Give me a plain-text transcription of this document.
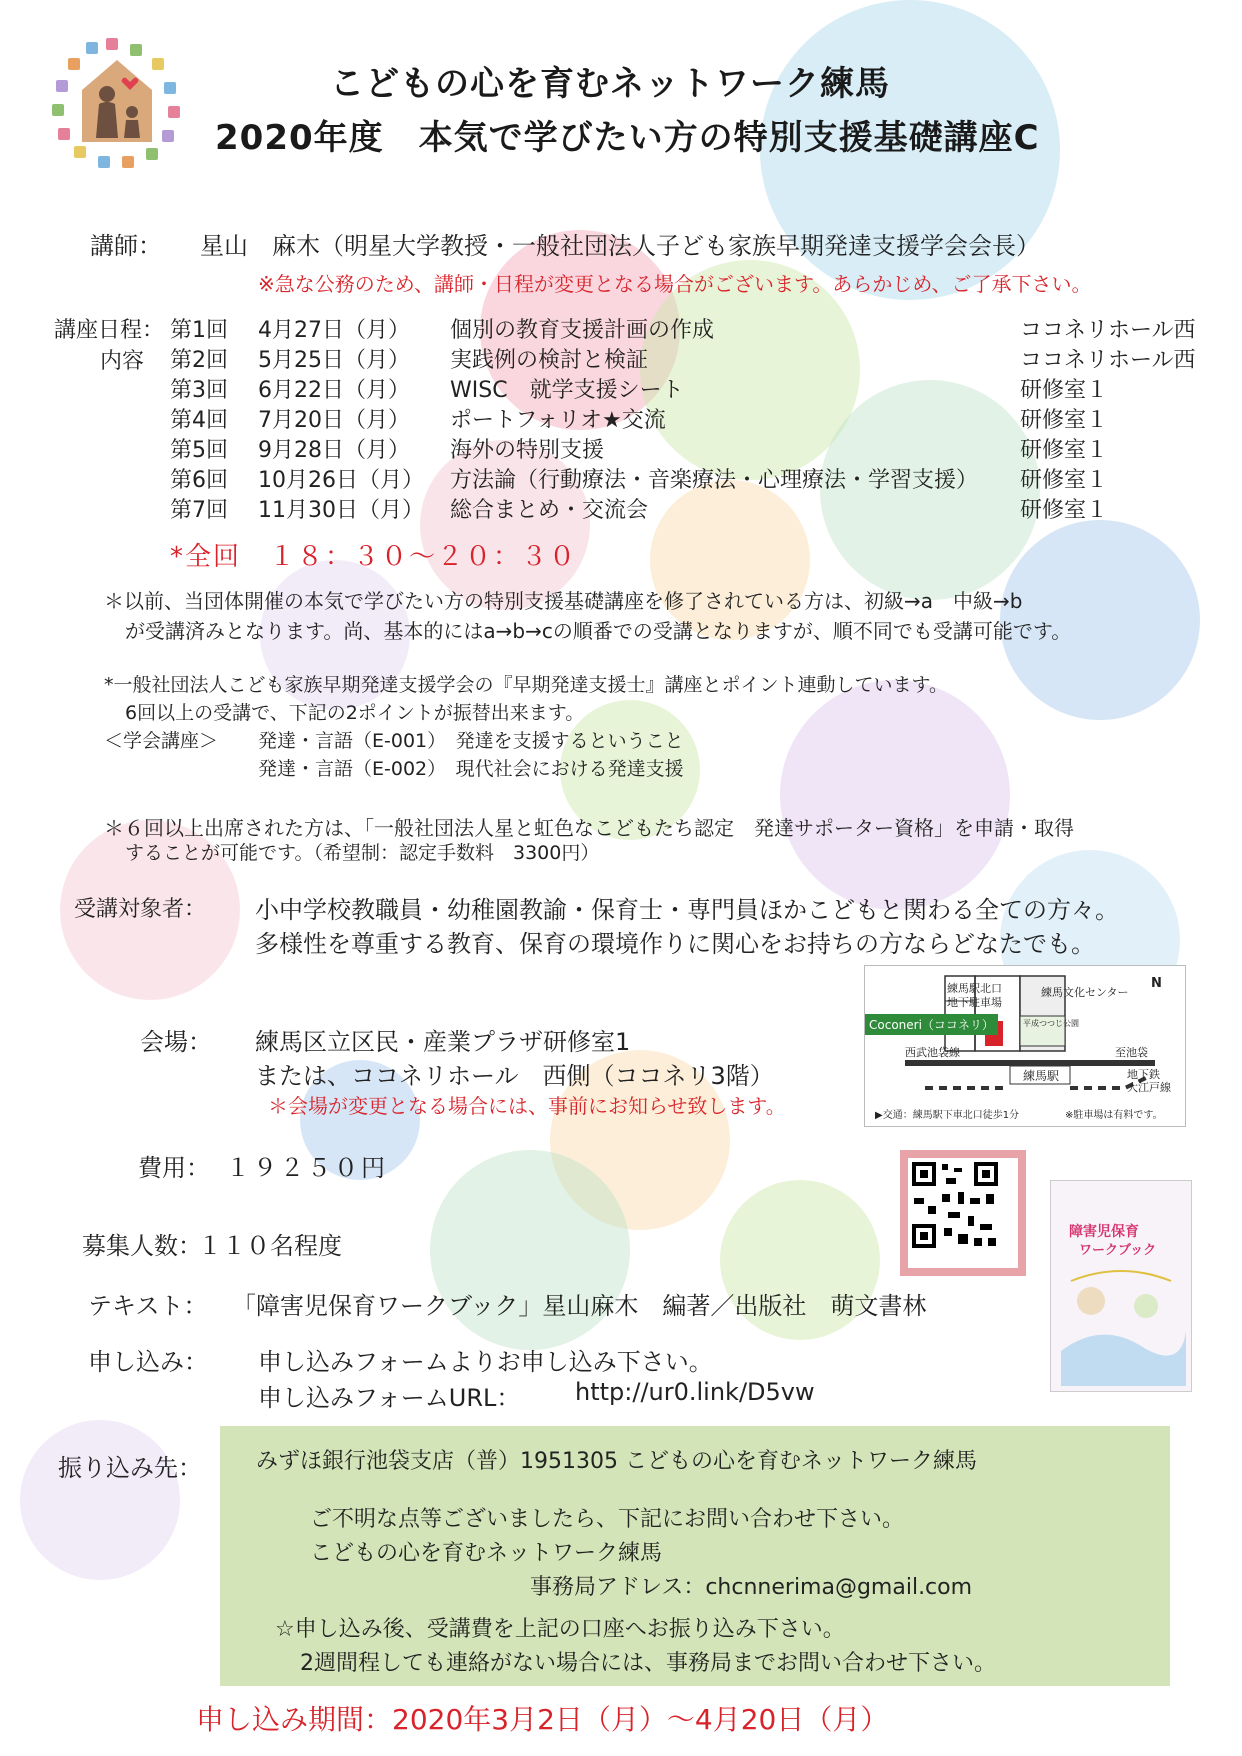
こどもの心を育むネットワーク練馬
2020年度　本気で学びたい方の特別支援基礎講座C
講師： 星山　麻木（明星大学教授・一般社団法人子ども家族早期発達支援学会会長）
※急な公務のため、講師・日程が変更となる場合がございます。あらかじめ、ご了承下さい。
講座日程：
内容
第1回 4月27日（月） 個別の教育支援計画の作成	ココネリホール西
第2回 5月25日（月） 実践例の検討と検証	ココネリホール西
第3回 6月22日（月） WISC　就学支援シート	研修室１
第4回 7月20日（月） ポートフォリオ★交流	研修室１
第5回 9月28日（月） 海外の特別支援	研修室１
第6回 10月26日（月） 方法論（行動療法・音楽療法・心理療法・学習支援） 研修室１
第7回 11月30日（月） 総合まとめ・交流会	研修室１
*全回　１８：３０～２０：３０
＊以前、当団体開催の本気で学びたい方の特別支援基礎講座を修了されている方は、初級→a　中級→b
が受講済みとなります。尚、基本的にはa→b→cの順番での受講となりますが、順不同でも受講可能です。
*一般社団法人こども家族早期発達支援学会の『早期発達支援士』講座とポイント連動しています。
6回以上の受講で、下記の2ポイントが振替出来ます。
＜学会講座＞ 発達・言語（E-001）　発達を支援するということ
発達・言語（E-002）　現代社会における発達支援
＊６回以上出席された方は、「一般社団法人星と虹色なこどもたち認定　発達サポーター資格」を申請・取得
することが可能です。（希望制：認定手数料　3300円）
受講対象者： 小中学校教職員・幼稚園教諭・保育士・専門員ほかこどもと関わる全ての方々。
多様性を尊重する教育、保育の環境作りに関心をお持ちの方ならどなたでも。
会場： 練馬区立区民・産業プラザ研修室1
または、ココネリホール　西側（ココネリ3階）
＊会場が変更となる場合には、事前にお知らせ致します。
練馬駅北口
地下駐車場
練馬文化センター
平成つつじ公園
Coconeri（ココネリ）
西武池袋線	至池袋
練馬駅	地下鉄
大江戸線
▶交通：練馬駅下車北口徒歩1分	※駐車場は有料です。
N
費用： １９２５０円
募集人数：
１１０名程度
テキスト： 「障害児保育ワークブック」星山麻木　編著／出版社　萌文書林
障害児保育
ワークブック
申し込み： 申し込みフォームよりお申し込み下さい。
申し込みフォームURL： http://ur0.link/D5vw
振り込み先： みずほ銀行池袋支店（普）1951305 こどもの心を育むネットワーク練馬
ご不明な点等ございましたら、下記にお問い合わせ下さい。
こどもの心を育むネットワーク練馬
事務局アドレス：chcnnerima@gmail.com
☆申し込み後、受講費を上記の口座へお振り込み下さい。
2週間程しても連絡がない場合には、事務局までお問い合わせ下さい。
申し込み期間：2020年3月2日（月）～4月20日（月）
